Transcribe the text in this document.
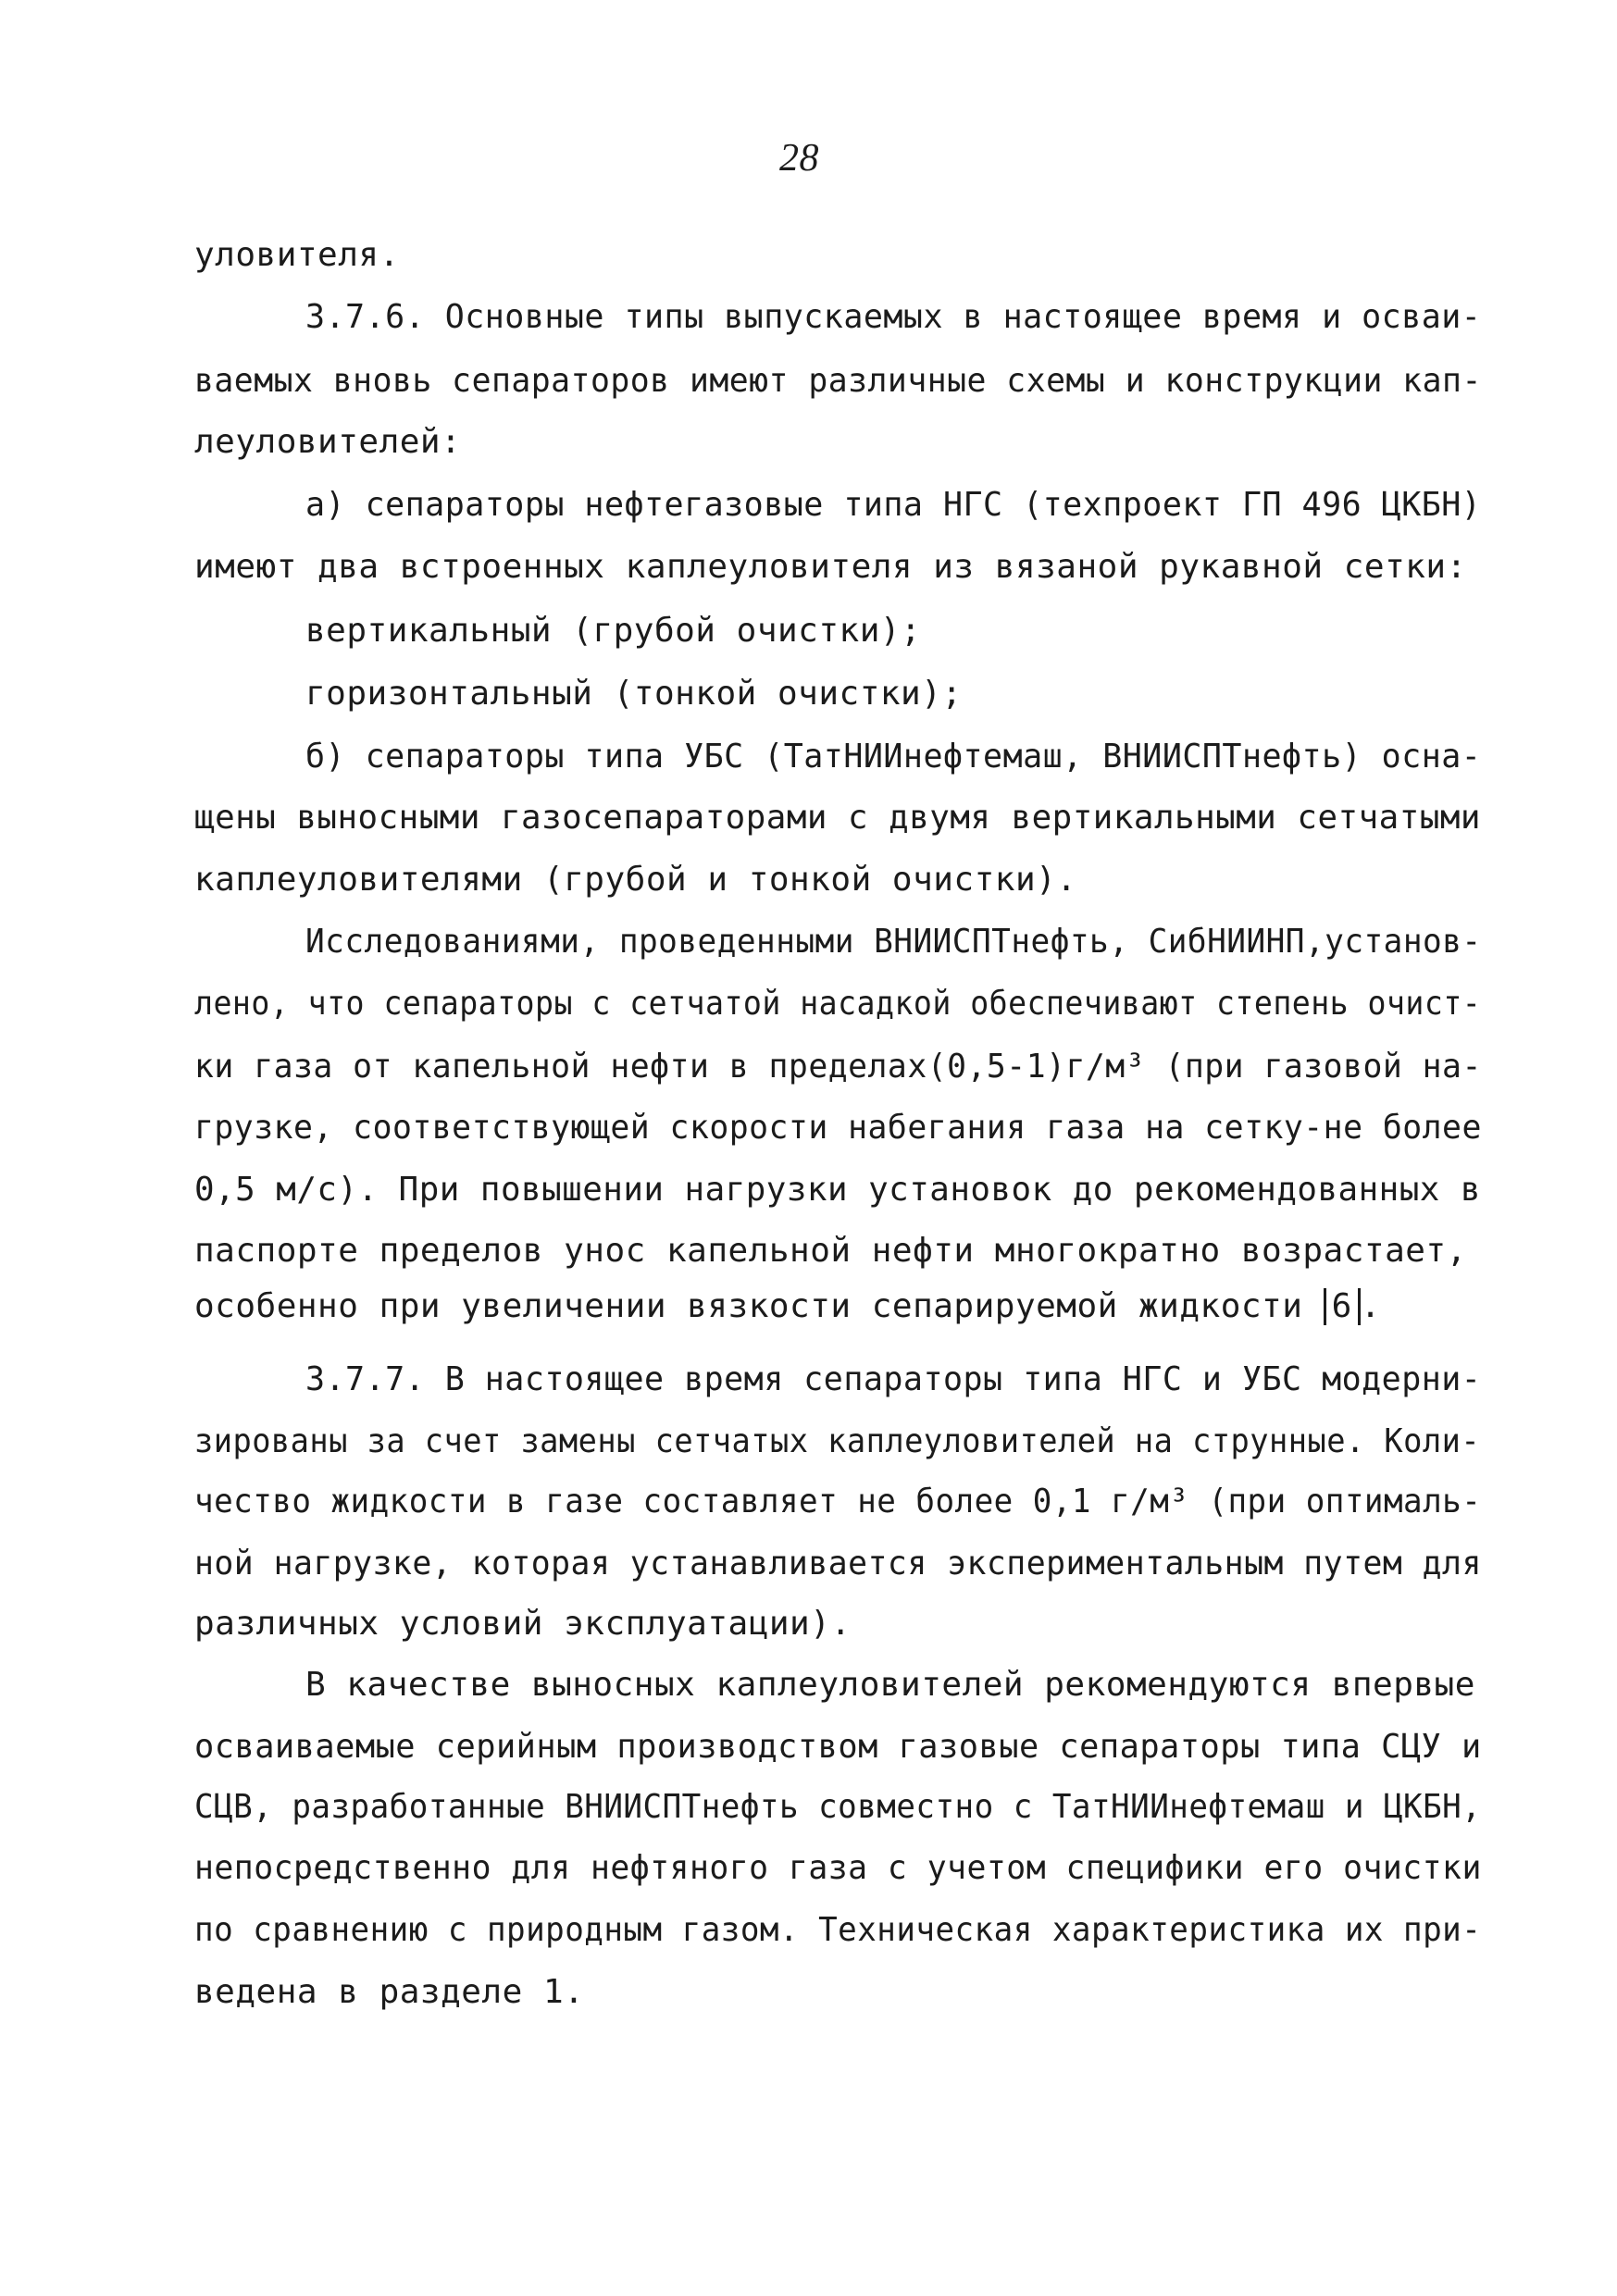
28
уловителя.
3.7.6. Основные типы выпускаемых в настоящее время и осваи-
ваемых вновь сепараторов имеют различные схемы и конструкции кап-
леуловителей:
а) сепараторы нефтегазовые типа НГС (техпроект ГП 496 ЦКБН)
имеют два встроенных каплеуловителя из вязаной рукавной сетки:
вертикальный (грубой очистки);
горизонтальный (тонкой очистки);
б) сепараторы типа УБС (ТатНИИнефтемаш, ВНИИСПТнефть) осна-
щены выносными газосепараторами с двумя вертикальными сетчатыми
каплеуловителями (грубой и тонкой очистки).
Исследованиями, проведенными ВНИИСПТнефть, СибНИИНП,установ-
лено, что сепараторы с сетчатой насадкой обеспечивают степень очист-
ки газа от капельной нефти в пределах(0,5-1)г/м³ (при газовой на-
грузке, соответствующей скорости набегания газа на сетку-не более
0,5 м/с). При повышении нагрузки установок до рекомендованных в
паспорте пределов унос капельной нефти многократно возрастает,
особенно при увеличении вязкости сепарируемой жидкости 6 .
3.7.7. В настоящее время сепараторы типа НГС и УБС модерни-
зированы за счет замены сетчатых каплеуловителей на струнные. Коли-
чество жидкости в газе составляет не более 0,1 г/м³ (при оптималь-
ной нагрузке, которая устанавливается экспериментальным путем для
различных условий эксплуатации).
В качестве выносных каплеуловителей рекомендуются впервые
осваиваемые серийным производством газовые сепараторы типа СЦУ и
СЦВ, разработанные ВНИИСПТнефть совместно с ТатНИИнефтемаш и ЦКБН,
непосредственно для нефтяного газа с учетом специфики его очистки
по сравнению с природным газом. Техническая характеристика их при-
ведена в разделе 1.
